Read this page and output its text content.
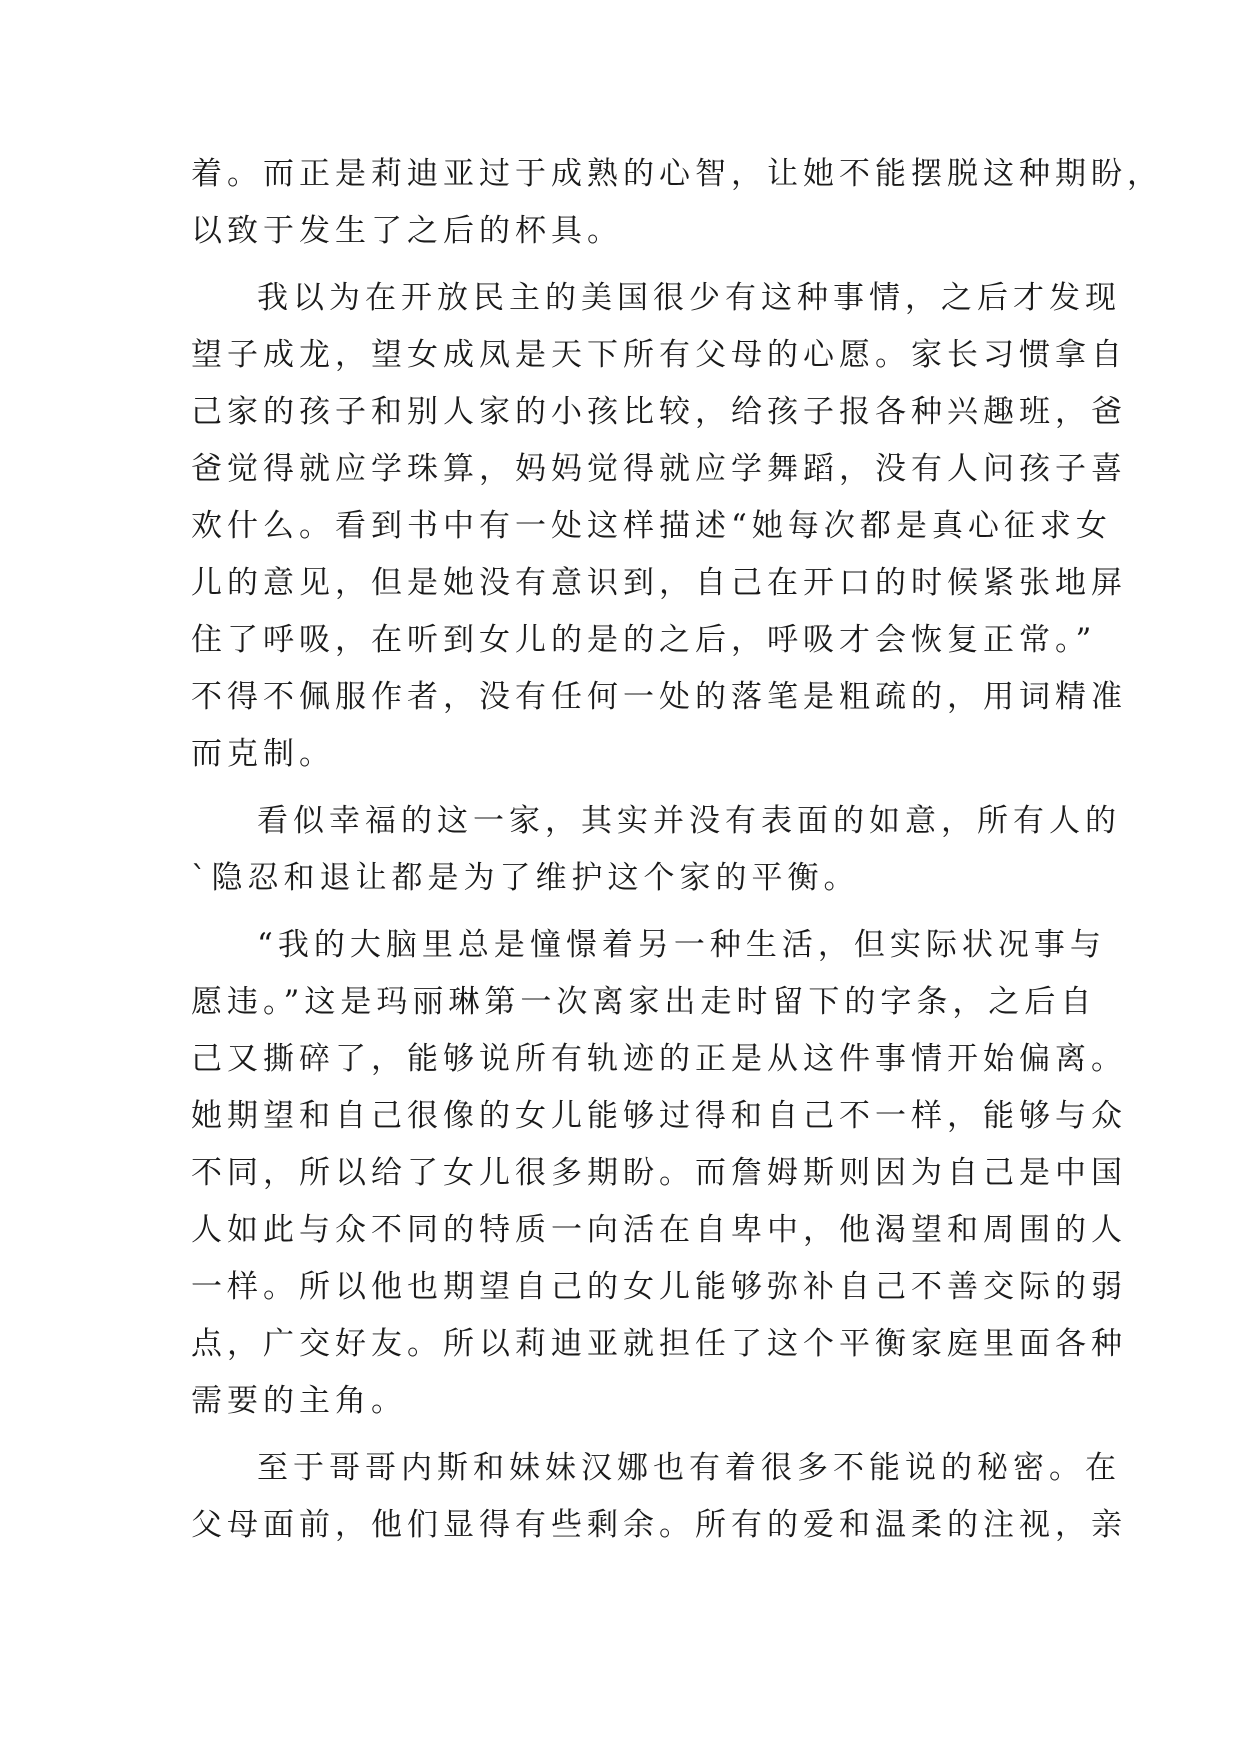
着。而正是莉迪亚过于成熟的心智，让她不能摆脱这种期盼，
以致于发生了之后的杯具。
我以为在开放民主的美国很少有这种事情，之后才发现
望子成龙，望女成凤是天下所有父母的心愿。家长习惯拿自
己家的孩子和别人家的小孩比较，给孩子报各种兴趣班，爸
爸觉得就应学珠算，妈妈觉得就应学舞蹈，没有人问孩子喜
欢什么。看到书中有一处这样描述“她每次都是真心征求女
儿的意见，但是她没有意识到，自己在开口的时候紧张地屏
住了呼吸，在听到女儿的是的之后，呼吸才会恢复正常。”
不得不佩服作者，没有任何一处的落笔是粗疏的，用词精准
而克制。
看似幸福的这一家，其实并没有表面的如意，所有人的
`隐忍和退让都是为了维护这个家的平衡。
“我的大脑里总是憧憬着另一种生活，但实际状况事与
愿违。”这是玛丽琳第一次离家出走时留下的字条，之后自
己又撕碎了，能够说所有轨迹的正是从这件事情开始偏离。
她期望和自己很像的女儿能够过得和自己不一样，能够与众
不同，所以给了女儿很多期盼。而詹姆斯则因为自己是中国
人如此与众不同的特质一向活在自卑中，他渴望和周围的人
一样。所以他也期望自己的女儿能够弥补自己不善交际的弱
点，广交好友。所以莉迪亚就担任了这个平衡家庭里面各种
需要的主角。
至于哥哥内斯和妹妹汉娜也有着很多不能说的秘密。在
父母面前，他们显得有些剩余。所有的爱和温柔的注视，亲
